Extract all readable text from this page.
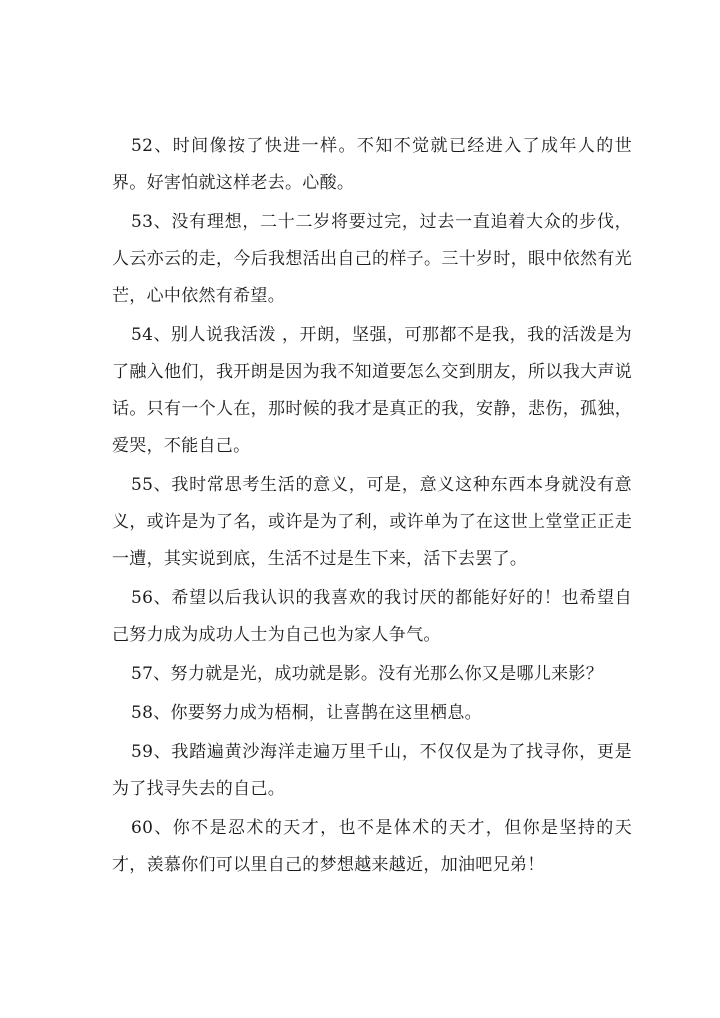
52、时间像按了快进一样。不知不觉就已经进入了成年人的世界。好害怕就这样老去。心酸。

53、没有理想，二十二岁将要过完，过去一直追着大众的步伐，人云亦云的走，今后我想活出自己的样子。三十岁时，眼中依然有光芒，心中依然有希望。

54、别人说我活泼 ，开朗，坚强，可那都不是我，我的活泼是为了融入他们，我开朗是因为我不知道要怎么交到朋友，所以我大声说话。只有一个人在，那时候的我才是真正的我，安静，悲伤，孤独，爱哭，不能自己。

55、我时常思考生活的意义，可是，意义这种东西本身就没有意义，或许是为了名，或许是为了利，或许单为了在这世上堂堂正正走一遭，其实说到底，生活不过是生下来，活下去罢了。

56、希望以后我认识的我喜欢的我讨厌的都能好好的！也希望自己努力成为成功人士为自己也为家人争气。

57、努力就是光，成功就是影。没有光那么你又是哪儿来影？

58、你要努力成为梧桐，让喜鹊在这里栖息。

59、我踏遍黄沙海洋走遍万里千山，不仅仅是为了找寻你，更是为了找寻失去的自己。

60、你不是忍术的天才，也不是体术的天才，但你是坚持的天才，羡慕你们可以里自己的梦想越来越近，加油吧兄弟！
